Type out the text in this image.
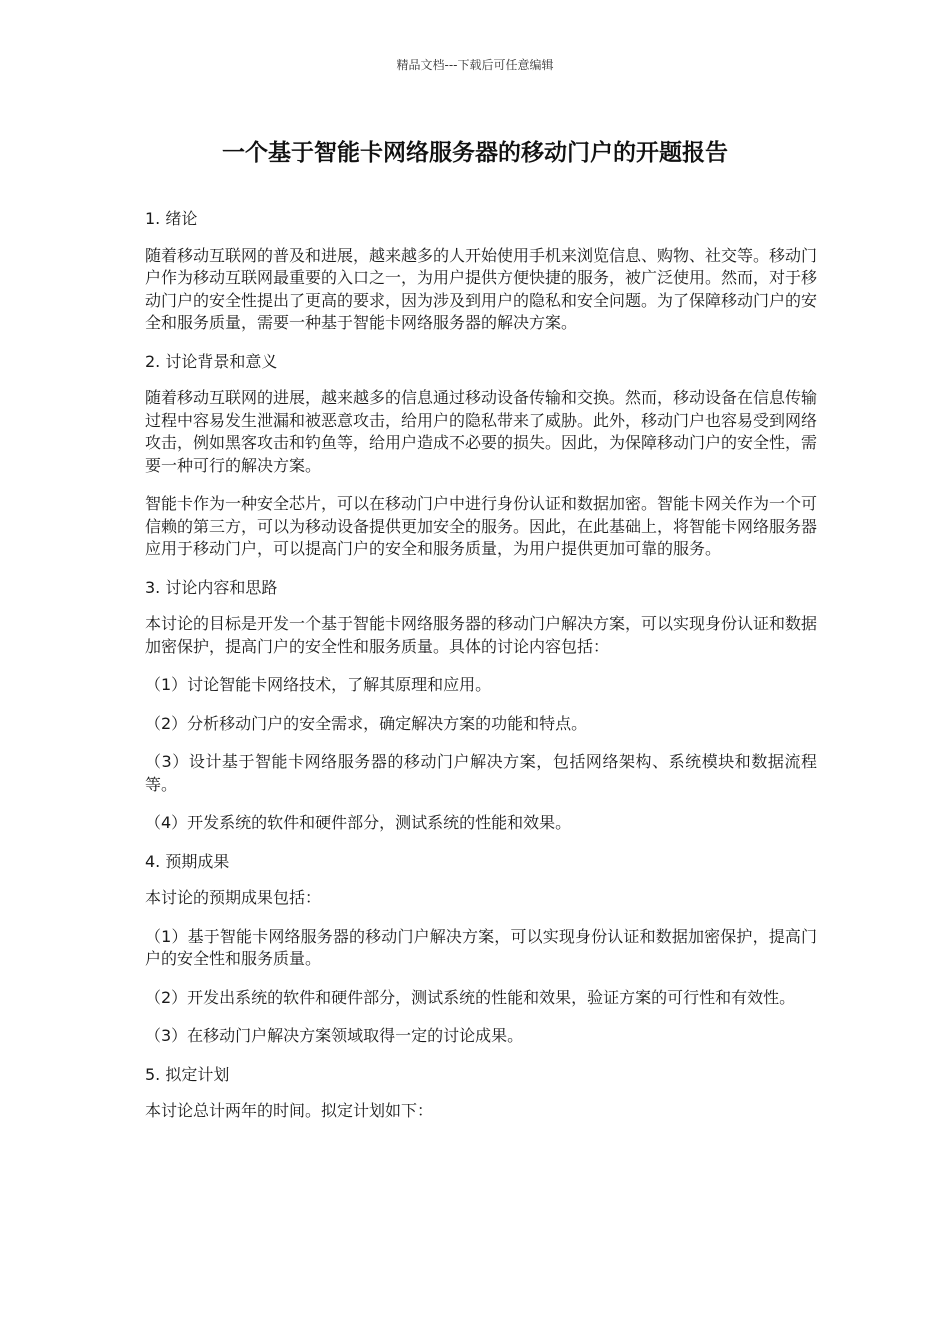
精品文档---下载后可任意编辑
一个基于智能卡网络服务器的移动门户的开题报告

1. 绪论

随着移动互联网的普及和进展，越来越多的人开始使用手机来浏览信息、购物、社交等。移动门户作为移动互联网最重要的入口之一，为用户提供方便快捷的服务，被广泛使用。然而，对于移动门户的安全性提出了更高的要求，因为涉及到用户的隐私和安全问题。为了保障移动门户的安全和服务质量，需要一种基于智能卡网络服务器的解决方案。

2. 讨论背景和意义

随着移动互联网的进展，越来越多的信息通过移动设备传输和交换。然而，移动设备在信息传输过程中容易发生泄漏和被恶意攻击，给用户的隐私带来了威胁。此外，移动门户也容易受到网络攻击，例如黑客攻击和钓鱼等，给用户造成不必要的损失。因此，为保障移动门户的安全性，需要一种可行的解决方案。

智能卡作为一种安全芯片，可以在移动门户中进行身份认证和数据加密。智能卡网关作为一个可信赖的第三方，可以为移动设备提供更加安全的服务。因此，在此基础上，将智能卡网络服务器应用于移动门户，可以提高门户的安全和服务质量，为用户提供更加可靠的服务。

3. 讨论内容和思路

本讨论的目标是开发一个基于智能卡网络服务器的移动门户解决方案，可以实现身份认证和数据加密保护，提高门户的安全性和服务质量。具体的讨论内容包括：

（1）讨论智能卡网络技术，了解其原理和应用。

（2）分析移动门户的安全需求，确定解决方案的功能和特点。

（3）设计基于智能卡网络服务器的移动门户解决方案，包括网络架构、系统模块和数据流程等。

（4）开发系统的软件和硬件部分，测试系统的性能和效果。

4. 预期成果

本讨论的预期成果包括：

（1）基于智能卡网络服务器的移动门户解决方案，可以实现身份认证和数据加密保护，提高门户的安全性和服务质量。

（2）开发出系统的软件和硬件部分，测试系统的性能和效果，验证方案的可行性和有效性。

（3）在移动门户解决方案领域取得一定的讨论成果。

5. 拟定计划

本讨论总计两年的时间。拟定计划如下：
